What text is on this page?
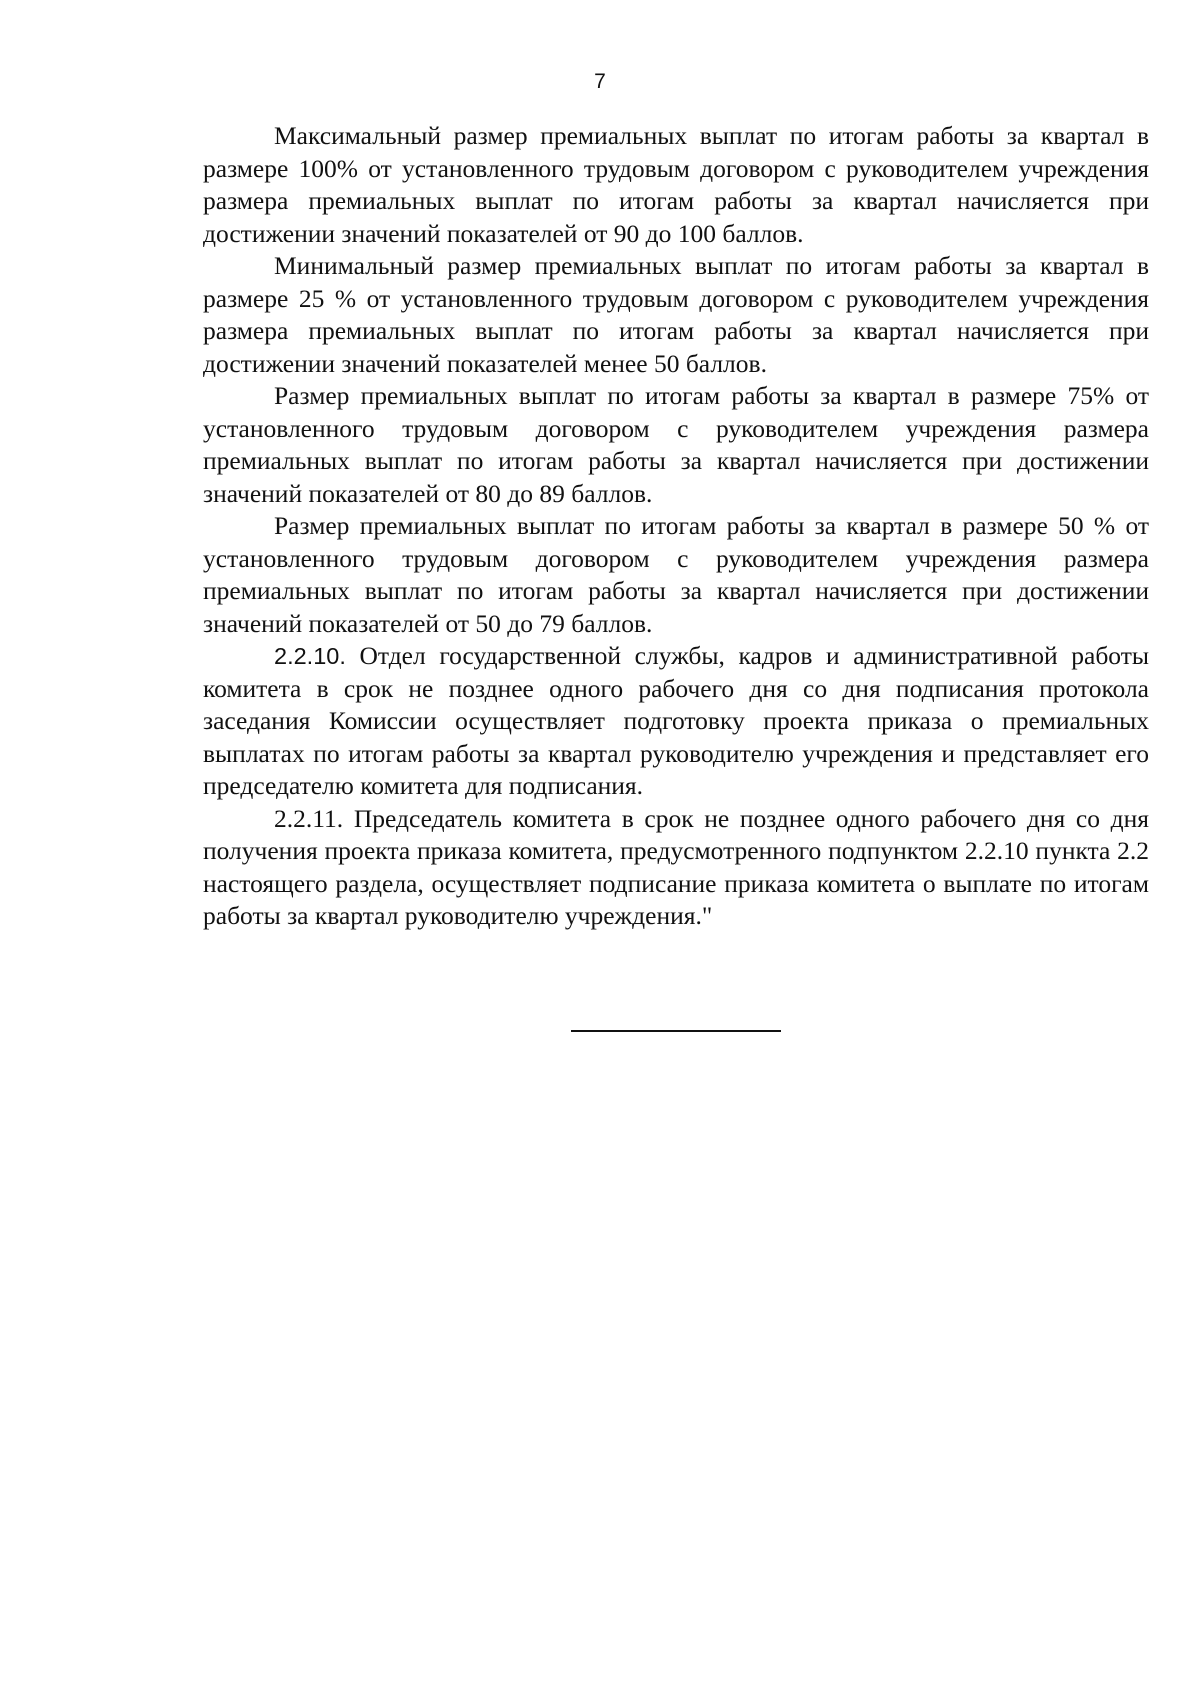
7

Максимальный размер премиальных выплат по итогам работы за квартал в размере 100% от установленного трудовым договором с руководителем учреждения размера премиальных выплат по итогам работы за квартал начисляется при достижении значений показателей от 90 до 100 баллов.

Минимальный размер премиальных выплат по итогам работы за квартал в размере 25 % от установленного трудовым договором с руководителем учреждения размера премиальных выплат по итогам работы за квартал начисляется при достижении значений показателей менее 50 баллов.

Размер премиальных выплат по итогам работы за квартал в размере 75% от установленного трудовым договором с руководителем учреждения размера премиальных выплат по итогам работы за квартал начисляется при достижении значений показателей от 80 до 89 баллов.

Размер премиальных выплат по итогам работы за квартал в размере 50 % от установленного трудовым договором с руководителем учреждения размера премиальных выплат по итогам работы за квартал начисляется при достижении значений показателей от 50 до 79 баллов.

2.2.10. Отдел государственной службы, кадров и административной работы комитета в срок не позднее одного рабочего дня со дня подписания протокола заседания Комиссии осуществляет подготовку проекта приказа о премиальных выплатах по итогам работы за квартал руководителю учреждения и представляет его председателю комитета для подписания.

2.2.11. Председатель комитета в срок не позднее одного рабочего дня со дня получения проекта приказа комитета, предусмотренного подпунктом 2.2.10 пункта 2.2 настоящего раздела, осуществляет подписание приказа комитета о выплате по итогам работы за квартал руководителю учреждения."
